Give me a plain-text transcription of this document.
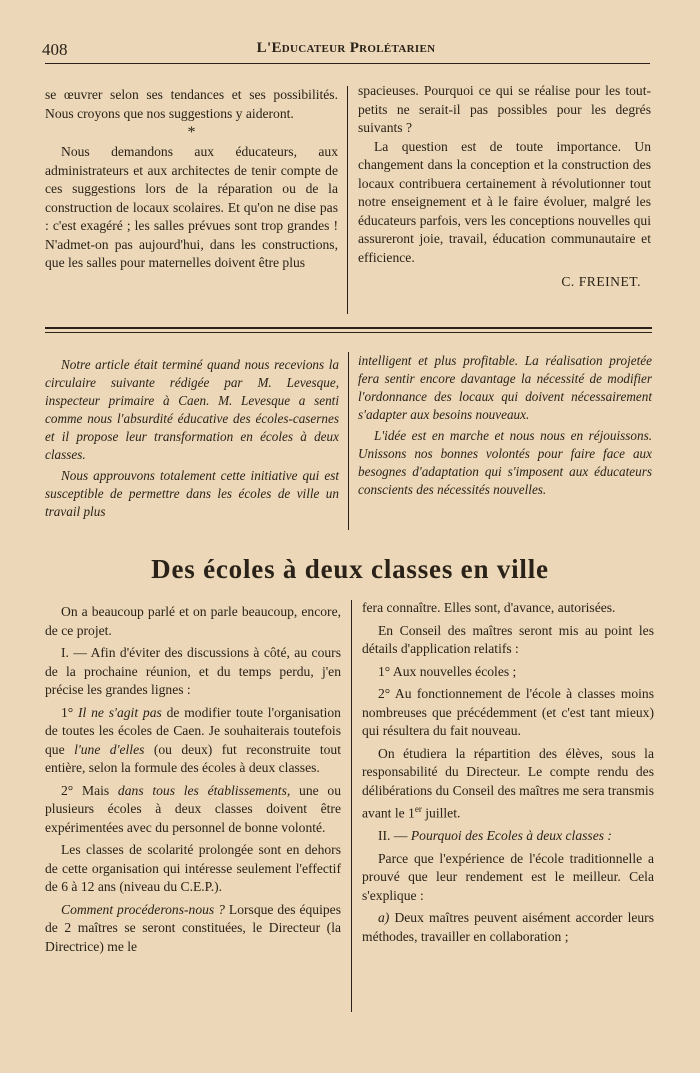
408	L'Educateur Prolétarien

se œuvrer selon ses tendances et ses possibilités. Nous croyons que nos suggestions y aideront.

*

Nous demandons aux éducateurs, aux administrateurs et aux architectes de tenir compte de ces suggestions lors de la réparation ou de la construction de locaux scolaires. Et qu'on ne dise pas : c'est exagéré ; les salles prévues sont trop grandes ! N'admet-on pas aujourd'hui, dans les constructions, que les salles pour maternelles doivent être plus

spacieuses. Pourquoi ce qui se réalise pour les tout-petits ne serait-il pas possibles pour les degrés suivants ?

La question est de toute importance. Un changement dans la conception et la construction des locaux contribuera certainement à révolutionner tout notre enseignement et à le faire évoluer, malgré les éducateurs parfois, vers les conceptions nouvelles qui assureront joie, travail, éducation communautaire et efficience.

C. FREINET.

Notre article était terminé quand nous recevions la circulaire suivante rédigée par M. Levesque, inspecteur primaire à Caen. M. Levesque a senti comme nous l'absurdité éducative des écoles-casernes et il propose leur transformation en écoles à deux classes.

Nous approuvons totalement cette initiative qui est susceptible de permettre dans les écoles de ville un travail plus

intelligent et plus profitable. La réalisation projetée fera sentir encore davantage la nécessité de modifier l'ordonnance des locaux qui doivent nécessairement s'adapter aux besoins nouveaux.

L'idée est en marche et nous nous en réjouissons. Unissons nos bonnes volontés pour faire face aux besognes d'adaptation qui s'imposent aux éducateurs conscients des nécessités nouvelles.

Des écoles à deux classes en ville

On a beaucoup parlé et on parle beaucoup, encore, de ce projet.

I. — Afin d'éviter des discussions à côté, au cours de la prochaine réunion, et du temps perdu, j'en précise les grandes lignes :

1° Il ne s'agit pas de modifier toute l'organisation de toutes les écoles de Caen. Je souhaiterais toutefois que l'une d'elles (ou deux) fut reconstruite tout entière, selon la formule des écoles à deux classes.

2° Mais dans tous les établissements, une ou plusieurs écoles à deux classes doivent être expérimentées avec du personnel de bonne volonté.

Les classes de scolarité prolongée sont en dehors de cette organisation qui intéresse seulement l'effectif de 6 à 12 ans (niveau du C.E.P.).

Comment procéderons-nous ? Lorsque des équipes de 2 maîtres se seront constituées, le Directeur (la Directrice) me le

fera connaître. Elles sont, d'avance, autorisées.

En Conseil des maîtres seront mis au point les détails d'application relatifs :

1° Aux nouvelles écoles ;

2° Au fonctionnement de l'école à classes moins nombreuses que précédemment (et c'est tant mieux) qui résultera du fait nouveau.

On étudiera la répartition des élèves, sous la responsabilité du Directeur. Le compte rendu des délibérations du Conseil des maîtres me sera transmis avant le 1er juillet.

II. — Pourquoi des Ecoles à deux classes :

Parce que l'expérience de l'école traditionnelle a prouvé que leur rendement est le meilleur. Cela s'explique :

a) Deux maîtres peuvent aisément accorder leurs méthodes, travailler en collaboration ;
